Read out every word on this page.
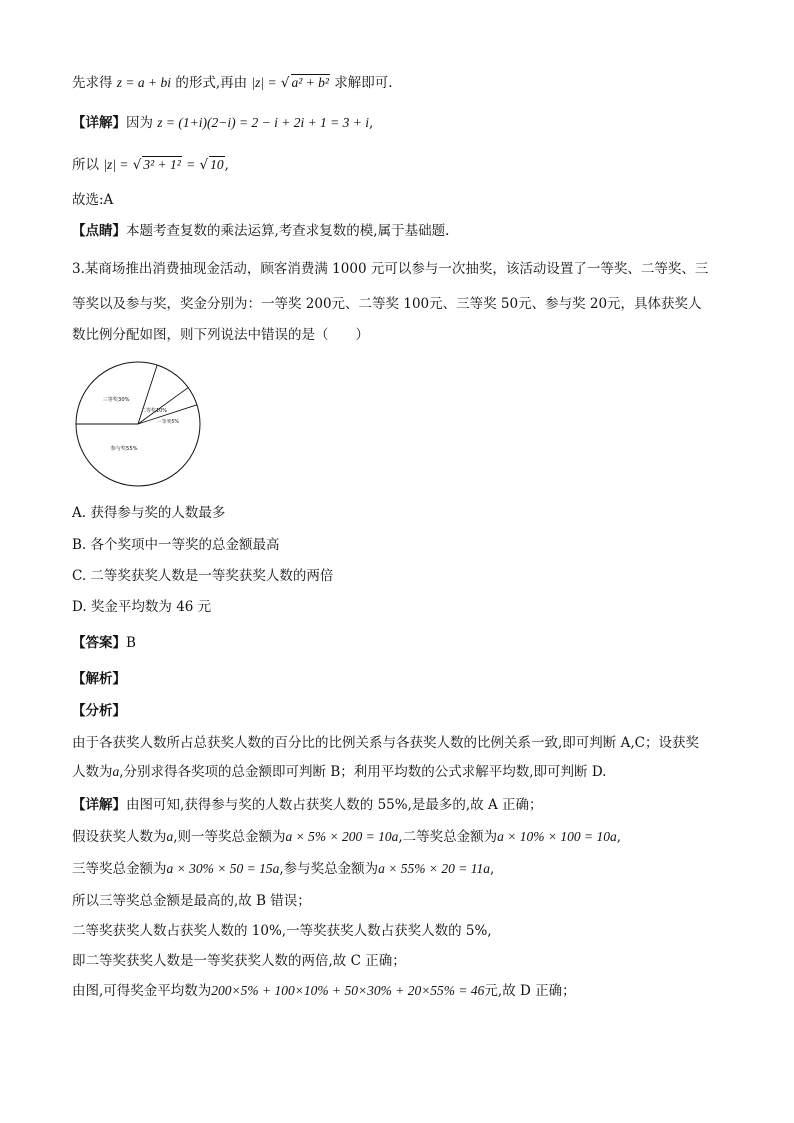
先求得 z = a + bi 的形式,再由 |z| = √ a² + b² 求解即可.
【详解】因为 z = (1+i)(2−i) = 2 − i + 2i + 1 = 3 + i,
所以 |z| = √ 3² + 1² = √ 10,
故选:A
【点睛】本题考查复数的乘法运算,考查求复数的模,属于基础题.
3.某商场推出消费抽现金活动，顾客消费满 1000 元可以参与一次抽奖，该活动设置了一等奖、二等奖、三
等奖以及参与奖，奖金分别为：一等奖 200元、二等奖 100元、三等奖 50元、参与奖 20元，具体获奖人
数比例分配如图，则下列说法中错误的是（　　）
三等奖30%
二等奖10%
一等奖5%
参与奖55%
A. 获得参与奖的人数最多
B. 各个奖项中一等奖的总金额最高
C. 二等奖获奖人数是一等奖获奖人数的两倍
D. 奖金平均数为 46 元
【答案】B
【解析】
【分析】
由于各获奖人数所占总获奖人数的百分比的比例关系与各获奖人数的比例关系一致,即可判断 A,C；设获奖
人数为a,分别求得各奖项的总金额即可判断 B；利用平均数的公式求解平均数,即可判断 D.
【详解】由图可知,获得参与奖的人数占获奖人数的 55%,是最多的,故 A 正确；
假设获奖人数为a,则一等奖总金额为a × 5% × 200 = 10a,二等奖总金额为a × 10% × 100 = 10a,
三等奖总金额为a × 30% × 50 = 15a,参与奖总金额为a × 55% × 20 = 11a,
所以三等奖总金额是最高的,故 B 错误；
二等奖获奖人数占获奖人数的 10%,一等奖获奖人数占获奖人数的 5%,
即二等奖获奖人数是一等奖获奖人数的两倍,故 C 正确；
由图,可得奖金平均数为200×5% + 100×10% + 50×30% + 20×55% = 46元,故 D 正确；
